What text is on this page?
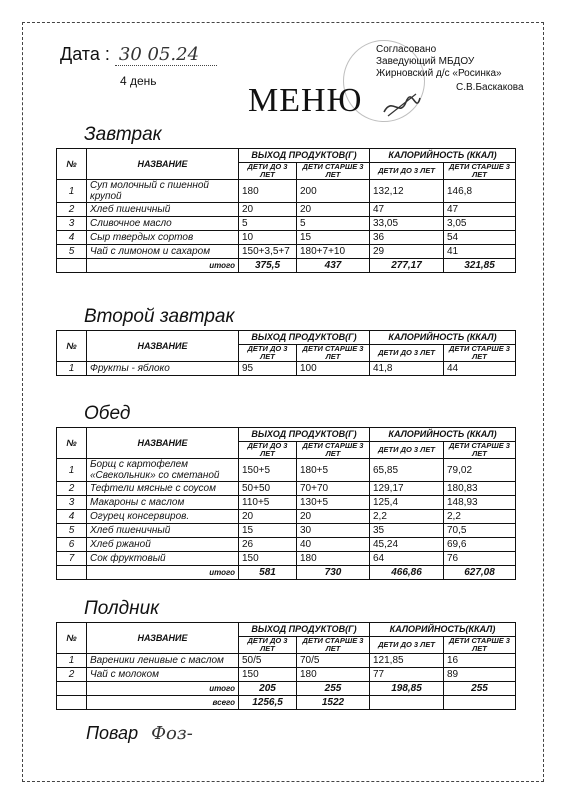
Дата : 30 05.24
4 день
Согласовано
Заведующий МБДОУ
Жирновский д/с «Росинка»
С.В.Баскакова
МЕНЮ
Завтрак
№	НАЗВАНИЕ	ВЫХОД ПРОДУКТОВ(Г)		КАЛОРИЙНОСТЬ (ККАЛ)	
		ДЕТИ ДО 3 ЛЕТ	ДЕТИ СТАРШЕ 3 ЛЕТ	ДЕТИ ДО 3 ЛЕТ	ДЕТИ СТАРШЕ 3 ЛЕТ
1	Суп молочный с пшенной крупой	180	200	132,12	146,8
2	Хлеб пшеничный	20	20	47	47
3	Сливочное масло	5	5	33,05	3,05
4	Сыр твердых сортов	10	15	36	54
5	Чай с лимоном и сахаром	150+3,5+7	180+7+10	29	41
	итого	375,5	437	277,17	321,85
Второй завтрак
№	НАЗВАНИЕ	ВЫХОД ПРОДУКТОВ(Г)		КАЛОРИЙНОСТЬ (ККАЛ)	
		ДЕТИ ДО 3 ЛЕТ	ДЕТИ СТАРШЕ 3 ЛЕТ	ДЕТИ ДО 3 ЛЕТ	ДЕТИ СТАРШЕ 3 ЛЕТ
1	Фрукты - яблоко	95	100	41,8	44
Обед
№	НАЗВАНИЕ	ВЫХОД ПРОДУКТОВ(Г)		КАЛОРИЙНОСТЬ (ККАЛ)	
		ДЕТИ ДО 3 ЛЕТ	ДЕТИ СТАРШЕ 3 ЛЕТ	ДЕТИ ДО 3 ЛЕТ	ДЕТИ СТАРШЕ 3 ЛЕТ
1	Борщ с картофелем «Свекольник» со сметаной	150+5	180+5	65,85	79,02
2	Тефтели мясные с соусом	50+50	70+70	129,17	180,83
3	Макароны с маслом	110+5	130+5	125,4	148,93
4	Огурец консервиров.	20	20	2,2	2,2
5	Хлеб пшеничный	15	30	35	70,5
6	Хлеб ржаной	26	40	45,24	69,6
7	Сок фруктовый	150	180	64	76
	итого	581	730	466,86	627,08
Полдник
№	НАЗВАНИЕ	ВЫХОД ПРОДУКТОВ(Г)		КАЛОРИЙНОСТЬ(ККАЛ)	
		ДЕТИ ДО 3 ЛЕТ	ДЕТИ СТАРШЕ 3 ЛЕТ	ДЕТИ ДО 3 ЛЕТ	ДЕТИ СТАРШЕ 3 ЛЕТ
1	Вареники ленивые с маслом	50/5	70/5	121,85	16
2	Чай с молоком	150	180	77	89
	итого	205	255	198,85	255
	всего	1256,5	1522		
Повар Фоз-
